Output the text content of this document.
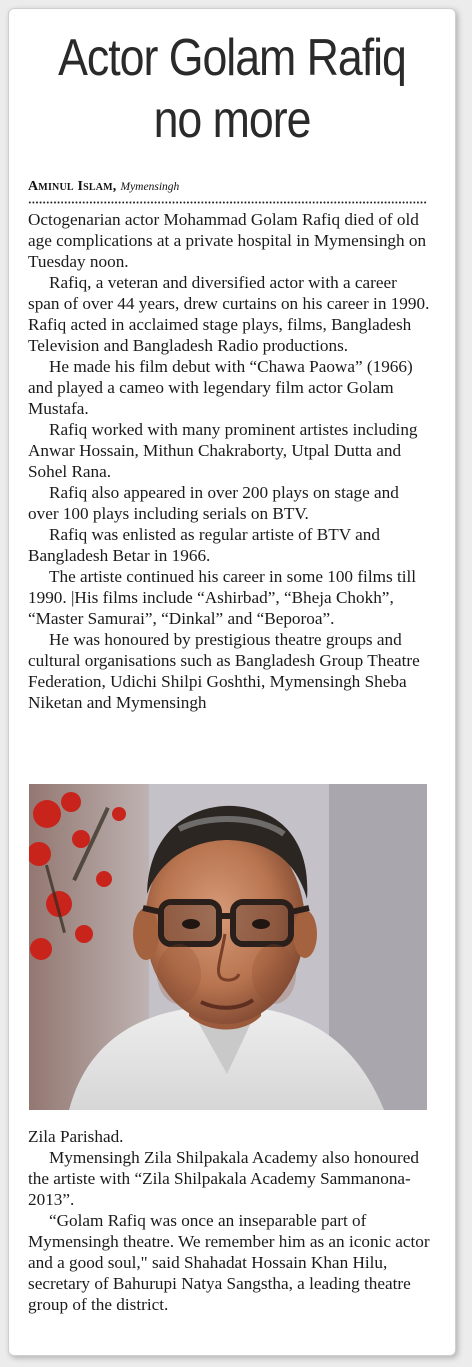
Actor Golam Rafiq
no more
Aminul Islam, Mymensingh

Octogenarian actor Mohammad Golam Rafiq died of old age complications at a private hospital in Mymensingh on Tuesday noon.

Rafiq, a veteran and diversified actor with a career span of over 44 years, drew curtains on his career in 1990. Rafiq acted in acclaimed stage plays, films, Bangladesh Television and Bangladesh Radio productions.

He made his film debut with “Chawa Paowa” (1966) and played a cameo with legendary film actor Golam Mustafa.

Rafiq worked with many prominent artistes including Anwar Hossain, Mithun Chakraborty, Utpal Dutta and Sohel Rana.

Rafiq also appeared in over 200 plays on stage and over 100 plays including serials on BTV.

Rafiq was enlisted as regular artiste of BTV and Bangladesh Betar in 1966.

The artiste continued his career in some 100 films till 1990. |His films include “Ashirbad”, “Bheja Chokh”, “Master Samurai”, “Dinkal” and “Beporoa”.

He was honoured by prestigious theatre groups and cultural organisations such as Bangladesh Group Theatre Federation, Udichi Shilpi Goshthi, Mymensingh Sheba Niketan and Mymensingh

Zila Parishad.

Mymensingh Zila Shilpakala Academy also honoured the artiste with “Zila Shilpakala Academy Sammanona-2013”.

“Golam Rafiq was once an inseparable part of Mymensingh theatre. We remember him as an iconic actor and a good soul," said Shahadat Hossain Khan Hilu, secretary of Bahurupi Natya Sangstha, a leading theatre group of the district.
